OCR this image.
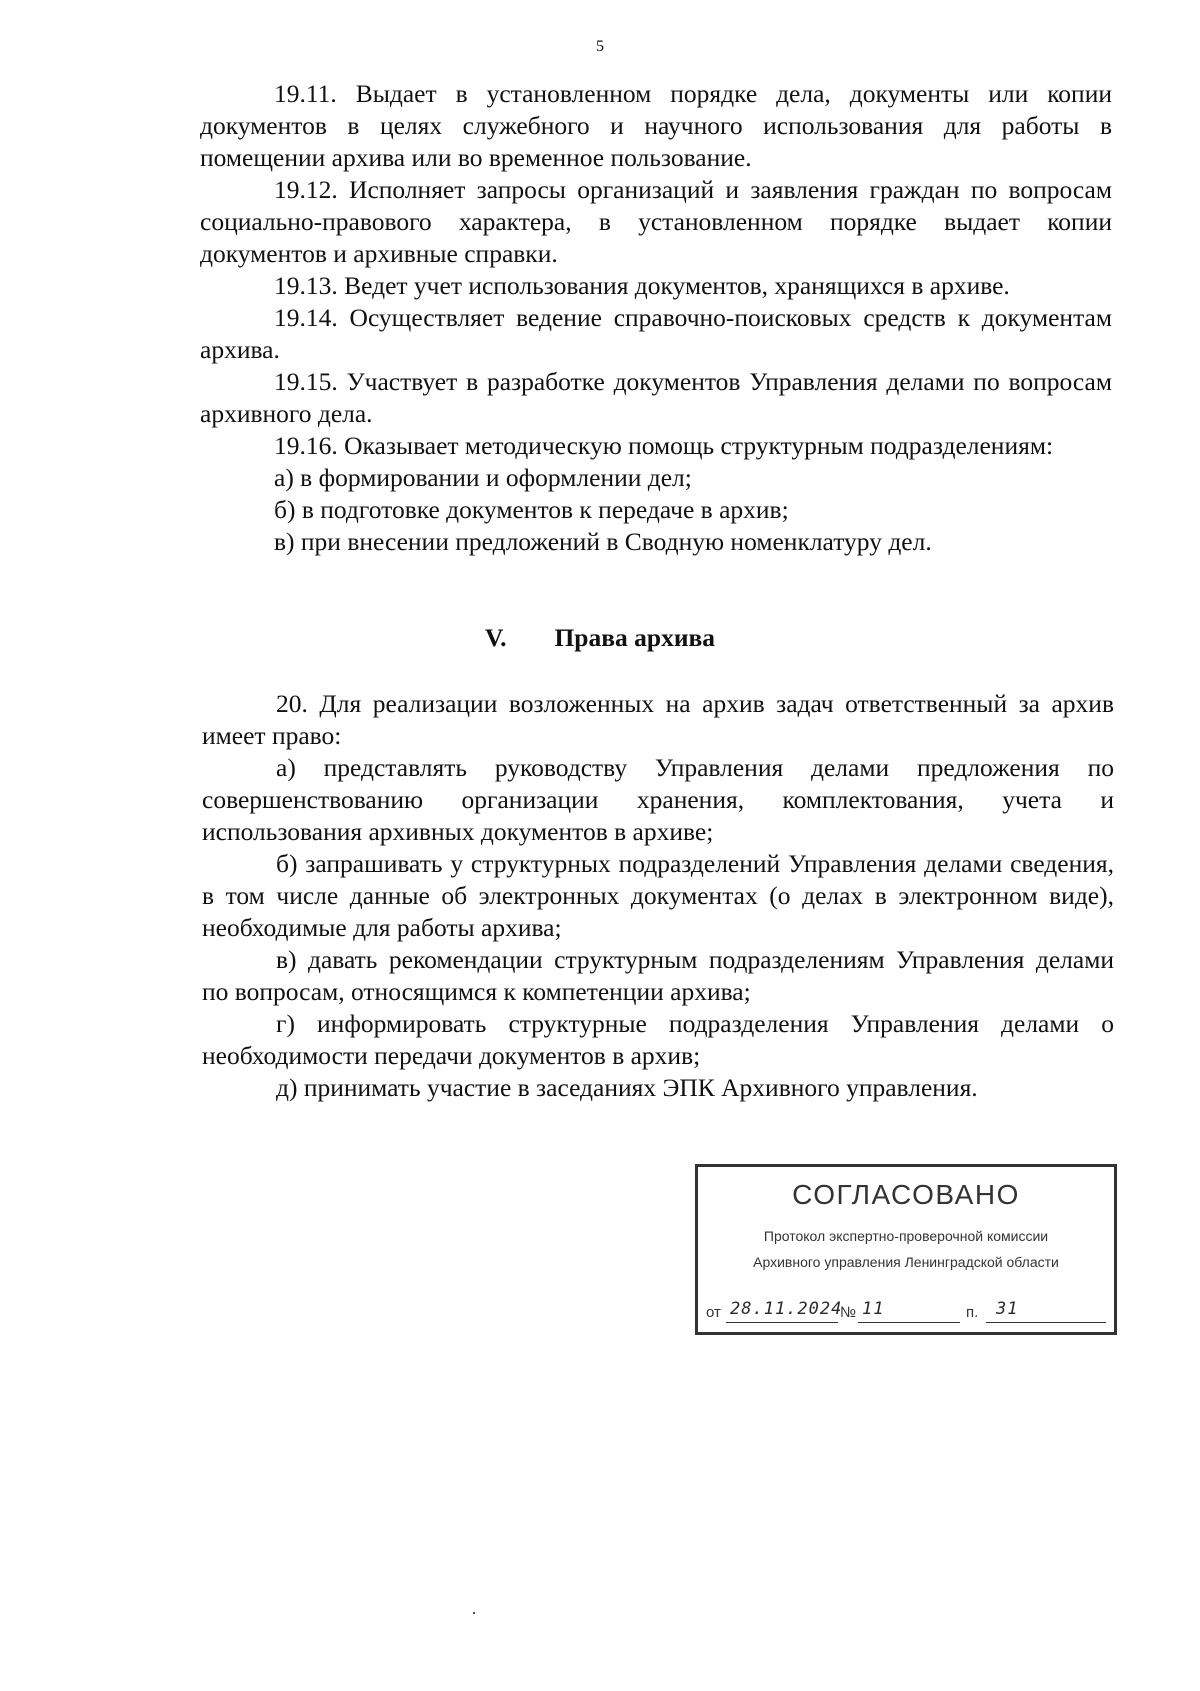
5

19.11. Выдает в установленном порядке дела, документы или копии документов в целях служебного и научного использования для работы в помещении архива или во временное пользование.

19.12. Исполняет запросы организаций и заявления граждан по вопросам социально-правового характера, в установленном порядке выдает копии документов и архивные справки.

19.13. Ведет учет использования документов, хранящихся в архиве.

19.14. Осуществляет ведение справочно-поисковых средств к документам архива.

19.15. Участвует в разработке документов Управления делами по вопросам архивного дела.

19.16. Оказывает методическую помощь структурным подразделениям:

а) в формировании и оформлении дел;

б) в подготовке документов к передаче в архив;

в) при внесении предложений в Сводную номенклатуру дел.

V. Права архива

20. Для реализации возложенных на архив задач ответственный за архив имеет право:

а) представлять руководству Управления делами предложения по совершенствованию организации хранения, комплектования, учета и использования архивных документов в архиве;

б) запрашивать у структурных подразделений Управления делами сведения, в том числе данные об электронных документах (о делах в электронном виде), необходимые для работы архива;

в) давать рекомендации структурным подразделениям Управления делами по вопросам, относящимся к компетенции архива;

г) информировать структурные подразделения Управления делами о необходимости передачи документов в архив;

д) принимать участие в заседаниях ЭПК Архивного управления.

СОГЛАСОВАНО
Протокол экспертно-проверочной комиссии
Архивного управления Ленинградской области
от 28.11.2024
№ 11	п. 31
